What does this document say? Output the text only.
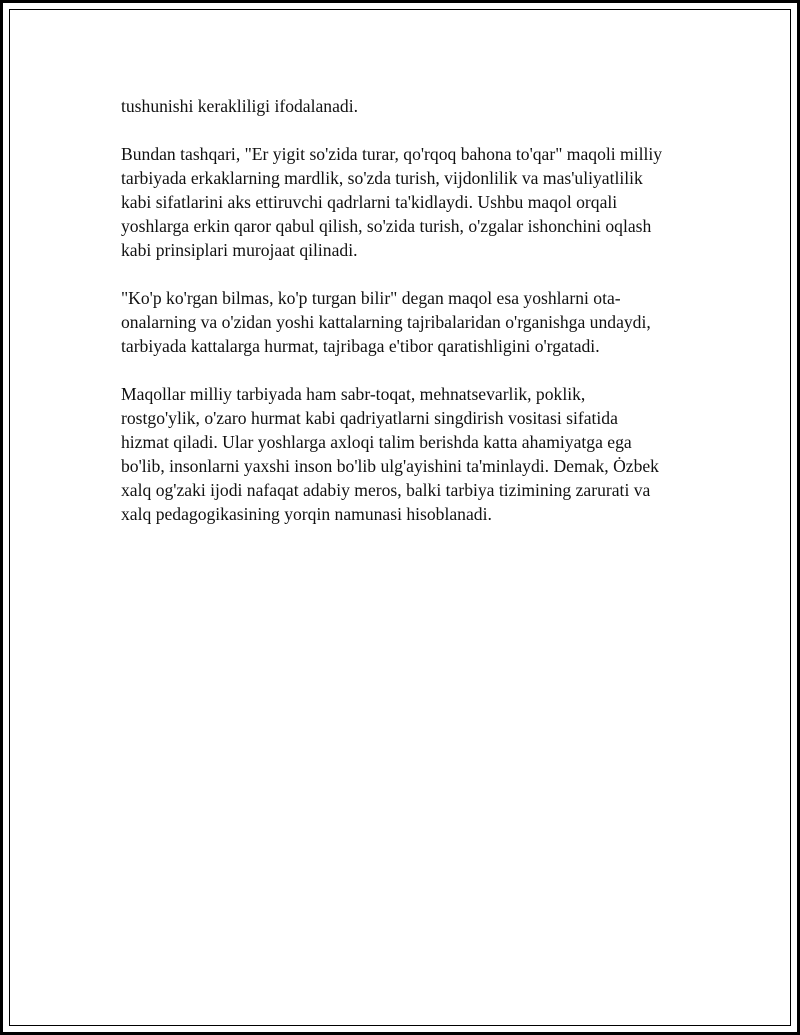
tushunishi kerakliligi ifodalanadi.
Bundan tashqari, "Er yigit so'zida turar, qo'rqoq bahona to'qar" maqoli milliy
tarbiyada erkaklarning mardlik, so'zda turish, vijdonlilik va mas'uliyatlilik
kabi sifatlarini aks ettiruvchi qadrlarni ta'kidlaydi. Ushbu maqol orqali
yoshlarga erkin qaror qabul qilish, so'zida turish, o'zgalar ishonchini oqlash
kabi prinsiplari murojaat qilinadi.
"Ko'p ko'rgan bilmas, ko'p turgan bilir" degan maqol esa yoshlarni ota-
onalarning va o'zidan yoshi kattalarning tajribalaridan o'rganishga undaydi,
tarbiyada kattalarga hurmat, tajribaga e'tibor qaratishligini o'rgatadi.
Maqollar milliy tarbiyada ham sabr-toqat, mehnatsevarlik, poklik,
rostgo'ylik, o'zaro hurmat kabi qadriyatlarni singdirish vositasi sifatida
hizmat qiladi. Ular yoshlarga axloqi talim berishda katta ahamiyatga ega
bo'lib, insonlarni yaxshi inson bo'lib ulg'ayishini ta'minlaydi. Demak, Ȯzbek
xalq og'zaki ijodi nafaqat adabiy meros, balki tarbiya tizimining zarurati va
xalq pedagogikasining yorqin namunasi hisoblanadi.
